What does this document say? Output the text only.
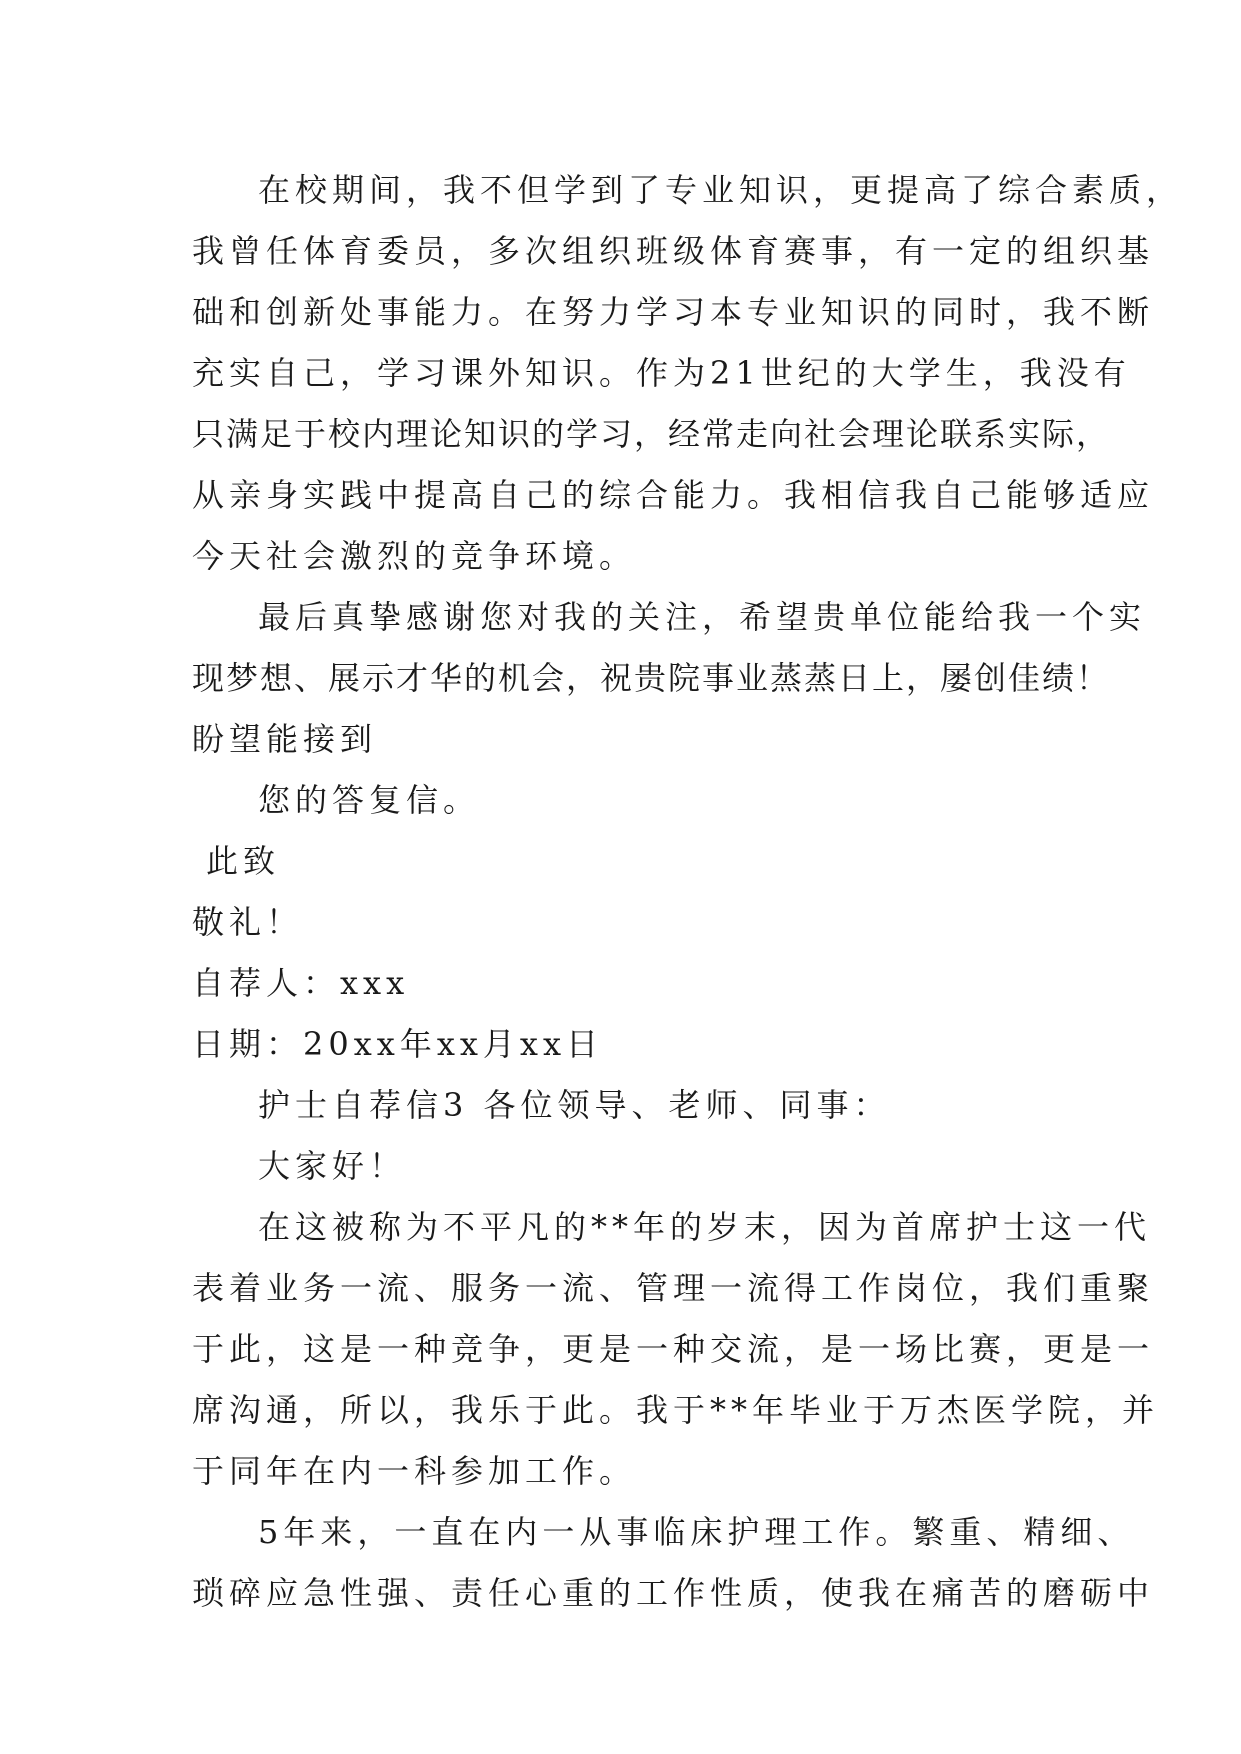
在校期间，我不但学到了专业知识，更提高了综合素质，
我曾任体育委员，多次组织班级体育赛事，有一定的组织基
础和创新处事能力。在努力学习本专业知识的同时，我不断
充实自己，学习课外知识。作为21世纪的大学生，我没有
只满足于校内理论知识的学习，经常走向社会理论联系实际，
从亲身实践中提高自己的综合能力。我相信我自己能够适应
今天社会激烈的竞争环境。
最后真挚感谢您对我的关注，希望贵单位能给我一个实
现梦想、展示才华的机会，祝贵院事业蒸蒸日上，屡创佳绩！
盼望能接到
您的答复信。
此致
敬礼！
自荐人：xxx
日期：20xx年xx月xx日
护士自荐信3 各位领导、老师、同事：
大家好！
在这被称为不平凡的**年的岁末，因为首席护士这一代
表着业务一流、服务一流、管理一流得工作岗位，我们重聚
于此，这是一种竞争，更是一种交流，是一场比赛，更是一
席沟通，所以，我乐于此。我于**年毕业于万杰医学院，并
于同年在内一科参加工作。
5年来，一直在内一从事临床护理工作。繁重、精细、
琐碎应急性强、责任心重的工作性质，使我在痛苦的磨砺中
